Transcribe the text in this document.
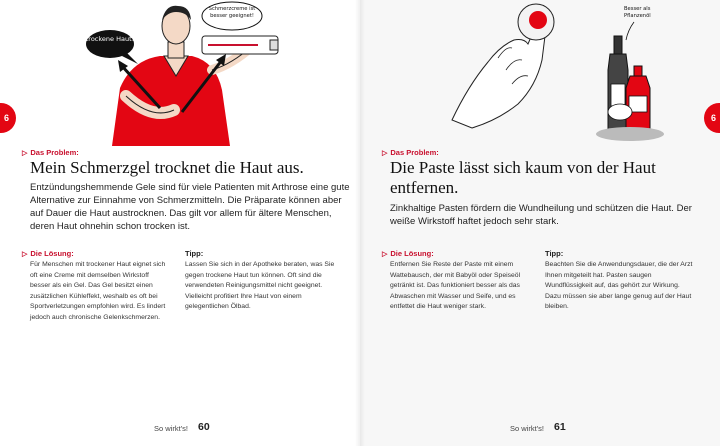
trockene Haut!
Schmerzcreme ist besser geeignet!
6
▷ Das Problem:
Mein Schmerzgel trocknet die Haut aus.
Entzündungshemmende Gele sind für viele Patienten mit Arthrose eine gute Alternative zur Einnahme von Schmerzmitteln. Die Präparate können aber auf Dauer die Haut austrocknen. Das gilt vor allem für ältere Menschen, deren Haut ohnehin schon trocken ist.
▷ Die Lösung:
Für Menschen mit trockener Haut eignet sich oft eine Creme mit demselben Wirkstoff besser als ein Gel. Das Gel besitzt einen zusätzlichen Kühleffekt, weshalb es oft bei Sportverletzungen empfohlen wird. Es lindert jedoch auch chronische Gelenkschmerzen.
Tipp:
Lassen Sie sich in der Apotheke beraten, was Sie gegen trockene Haut tun können. Oft sind die verwendeten Reinigungsmittel nicht geeignet. Vielleicht profitiert Ihre Haut von einem gelegentlichen Ölbad.
So wirkt's! 60
Besser als Pflanzenöl
6
▷ Das Problem:
Die Paste lässt sich kaum von der Haut entfernen.
Zinkhaltige Pasten fördern die Wundheilung und schützen die Haut. Der weiße Wirkstoff haftet jedoch sehr stark.
▷ Die Lösung:
Entfernen Sie Reste der Paste mit einem Wattebausch, der mit Babyöl oder Speiseöl getränkt ist. Das funktioniert besser als das Abwaschen mit Wasser und Seife, und es entfettet die Haut weniger stark.
Tipp:
Beachten Sie die Anwendungsdauer, die der Arzt Ihnen mitgeteilt hat. Pasten saugen Wundflüssigkeit auf, das gehört zur Wirkung. Dazu müssen sie aber lange genug auf der Haut bleiben.
So wirkt's! 61
